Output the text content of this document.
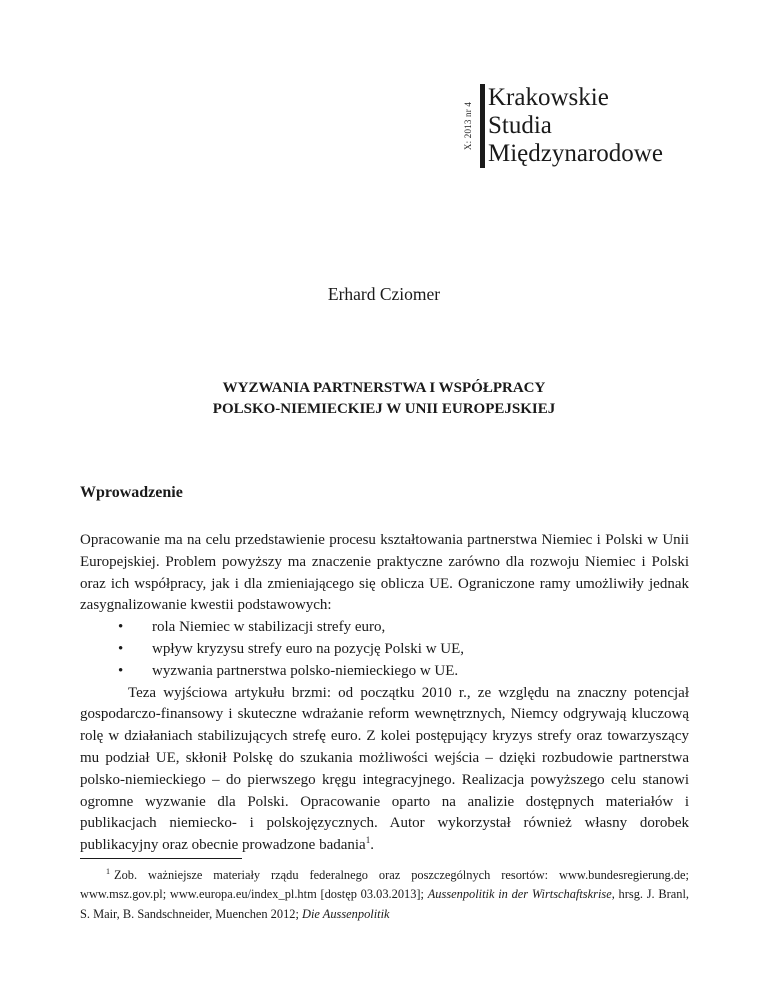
X: 2013 nr 4
Krakowskie
Studia
Międzynarodowe
Erhard Cziomer
WYZWANIA PARTNERSTWA I WSPÓŁPRACY
POLSKO-NIEMIECKIEJ W UNII EUROPEJSKIEJ
Wprowadzenie

Opracowanie ma na celu przedstawienie procesu kształtowania partnerstwa Niemiec i Polski w Unii Europejskiej. Problem powyższy ma znaczenie praktyczne zarówno dla rozwoju Niemiec i Polski oraz ich współpracy, jak i dla zmieniającego się oblicza UE. Ograniczone ramy umożliwiły jednak zasygnalizowanie kwestii podstawowych:

• rola Niemiec w stabilizacji strefy euro,
• wpływ kryzysu strefy euro na pozycję Polski w UE,
• wyzwania partnerstwa polsko-niemieckiego w UE.

Teza wyjściowa artykułu brzmi: od początku 2010 r., ze względu na znaczny potencjał gospodarczo-finansowy i skuteczne wdrażanie reform wewnętrznych, Niemcy odgrywają kluczową rolę w działaniach stabilizujących strefę euro. Z kolei postępujący kryzys strefy oraz towarzyszący mu podział UE, skłonił Polskę do szukania możliwości wejścia – dzięki rozbudowie partnerstwa polsko-niemieckiego – do pierwszego kręgu integracyjnego. Realizacja powyższego celu stanowi ogromne wyzwanie dla Polski. Opracowanie oparto na analizie dostępnych materiałów i publikacjach niemiecko- i polskojęzycznych. Autor wykorzystał również własny dorobek publikacyjny oraz obecnie prowadzone badania$^1$.

$^1$ Zob. ważniejsze materiały rządu federalnego oraz poszczególnych resortów: www.bundesregierung.de; www.msz.gov.pl; www.europa.eu/index_pl.htm [dostęp 03.03.2013]; Aussenpolitik in der Wirtschaftskrise, hrsg. J. Branl, S. Mair, B. Sandschneider, Muenchen 2012; Die Aussenpolitik
